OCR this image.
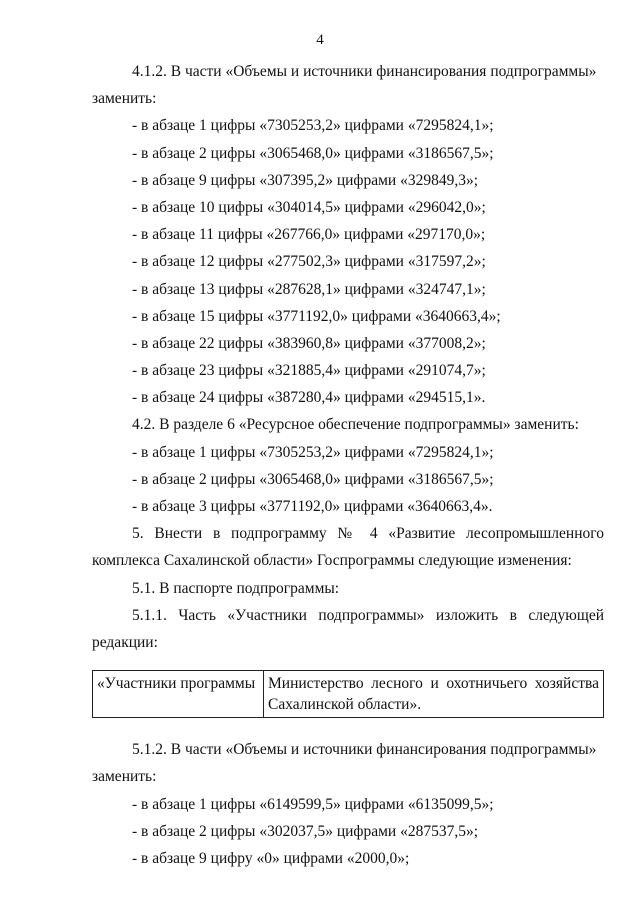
4
4.1.2. В части «Объемы и источники финансирования подпрограммы»
заменить:
- в абзаце 1 цифры «7305253,2» цифрами «7295824,1»;
- в абзаце 2 цифры «3065468,0» цифрами «3186567,5»;
- в абзаце 9 цифры «307395,2» цифрами «329849,3»;
- в абзаце 10 цифры «304014,5» цифрами «296042,0»;
- в абзаце 11 цифры «267766,0» цифрами «297170,0»;
- в абзаце 12 цифры «277502,3» цифрами «317597,2»;
- в абзаце 13 цифры «287628,1» цифрами «324747,1»;
- в абзаце 15 цифры «3771192,0» цифрами «3640663,4»;
- в абзаце 22 цифры «383960,8» цифрами «377008,2»;
- в абзаце 23 цифры «321885,4» цифрами «291074,7»;
- в абзаце 24 цифры «387280,4» цифрами «294515,1».
4.2. В разделе 6 «Ресурсное обеспечение подпрограммы» заменить:
- в абзаце 1 цифры «7305253,2» цифрами «7295824,1»;
- в абзаце 2 цифры «3065468,0» цифрами «3186567,5»;
- в абзаце 3 цифры «3771192,0» цифрами «3640663,4».
5. Внести в подпрограмму № 4 «Развитие лесопромышленного
комплекса Сахалинской области» Госпрограммы следующие изменения:
5.1. В паспорте подпрограммы:
5.1.1. Часть «Участники подпрограммы» изложить в следующей
редакции:
«Участники программы	Министерство лесного и охотничьего хозяйства
Сахалинской области».
5.1.2. В части «Объемы и источники финансирования подпрограммы»
заменить:
- в абзаце 1 цифры «6149599,5» цифрами «6135099,5»;
- в абзаце 2 цифры «302037,5» цифрами «287537,5»;
- в абзаце 9 цифру «0» цифрами «2000,0»;
